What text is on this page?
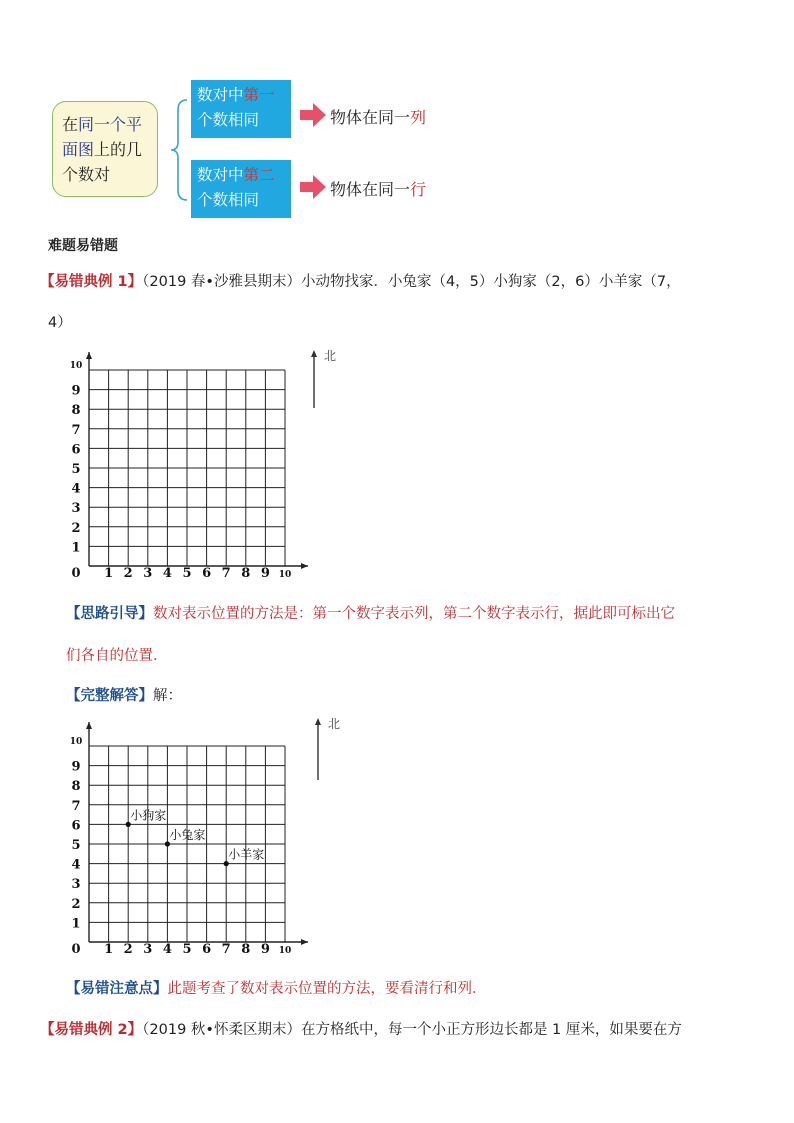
在同一个平
面图上的几
个数对
数对中第一
个数相同
数对中第二
个数相同
物体在同一列
物体在同一行
难题易错题
【易错典例 1】（2019 春•沙雅县期末）小动物找家．小兔家（4，5）小狗家（2，6）小羊家（7，
4）
1 2 3 4 5 6 7 8 9 10
0
1
2
3
4
5
6
7
8
9
10
北
【思路引导】数对表示位置的方法是：第一个数字表示列，第二个数字表示行，据此即可标出它
们各自的位置．
【完整解答】解：
1 2 3 4 5 6 7 8 9 10
0
1
2
3
4
5
6
7
8
9
10
北
小狗家
小兔家
小羊家
【易错注意点】此题考查了数对表示位置的方法，要看清行和列．
【易错典例 2】（2019 秋•怀柔区期末）在方格纸中，每一个小正方形边长都是 1 厘米，如果要在方
